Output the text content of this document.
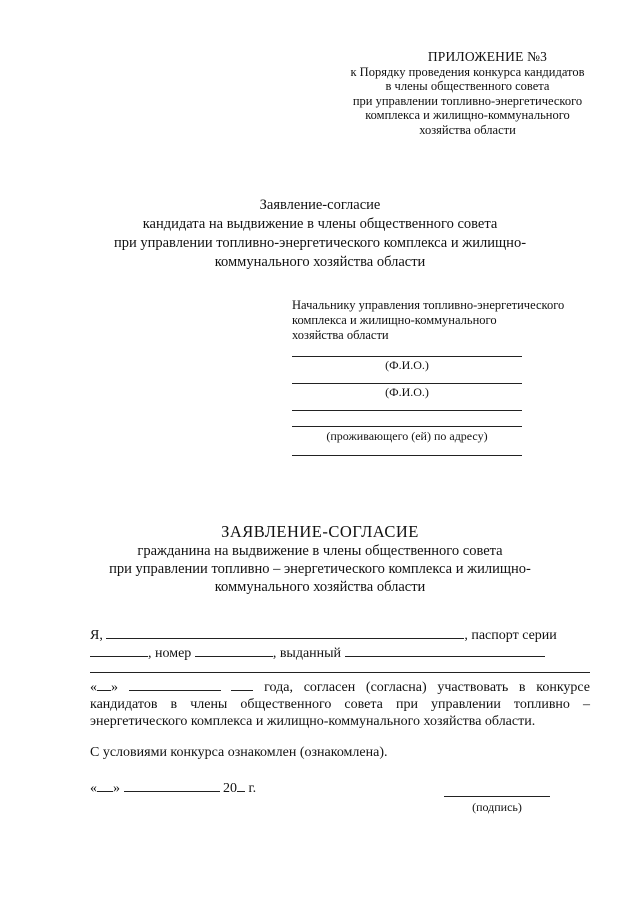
ПРИЛОЖЕНИЕ №3
к Порядку проведения конкурса кандидатов
в члены общественного совета
при управлении топливно-энергетического
комплекса и жилищно-коммунального
хозяйства области
Заявление-согласие
кандидата на выдвижение в члены общественного совета
при управлении топливно-энергетического комплекса и жилищно-
коммунального хозяйства области
Начальнику управления топливно-энергетического
комплекса и жилищно-коммунального
хозяйства области
(Ф.И.О.)
(Ф.И.О.)
(проживающего (ей) по адресу)
ЗАЯВЛЕНИЕ-СОГЛАСИЕ
гражданина на выдвижение в члены общественного совета
при управлении топливно – энергетического комплекса и жилищно-
коммунального хозяйства области
Я,	, паспорт серии
, номер	, выданный
« »	года, согласен (согласна) участвовать в конкурсе кандидатов в члены общественного совета при управлении топливно – энергетического комплекса и жилищно-коммунального хозяйства области.
С условиями конкурса ознакомлен (ознакомлена).
« »	20 г.
(подпись)
